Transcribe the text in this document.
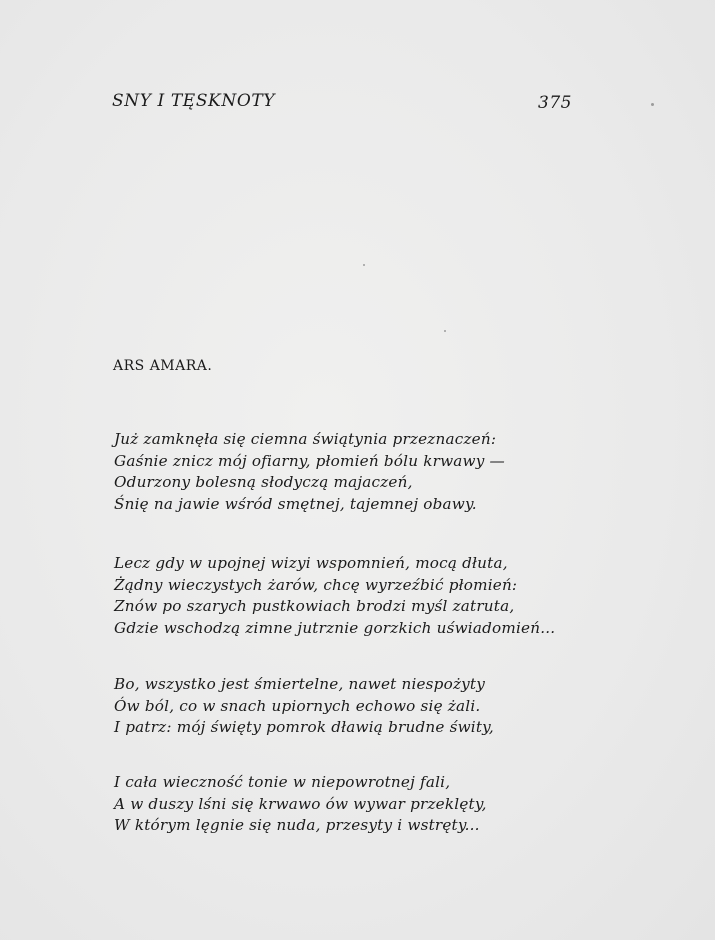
SNY I TĘSKNOTY	375
ARS AMARA.
Już zamknęła się ciemna świątynia przeznaczeń:
Gaśnie znicz mój ofiarny, płomień bólu krwawy —
Odurzony bolesną słodyczą majaczeń,
Śnię na jawie wśród smętnej, tajemnej obawy.
Lecz gdy w upojnej wizyi wspomnień, mocą dłuta,
Żądny wieczystych żarów, chcę wyrzeźbić płomień:
Znów po szarych pustkowiach brodzi myśl zatruta,
Gdzie wschodzą zimne jutrznie gorzkich uświadomień...
Bo, wszystko jest śmiertelne, nawet niespożyty
Ów ból, co w snach upiornych echowo się żali.
I patrz: mój święty pomrok dławią brudne świty,
I cała wieczność tonie w niepowrotnej fali,
A w duszy lśni się krwawo ów wywar przeklęty,
W którym lęgnie się nuda, przesyty i wstręty...
